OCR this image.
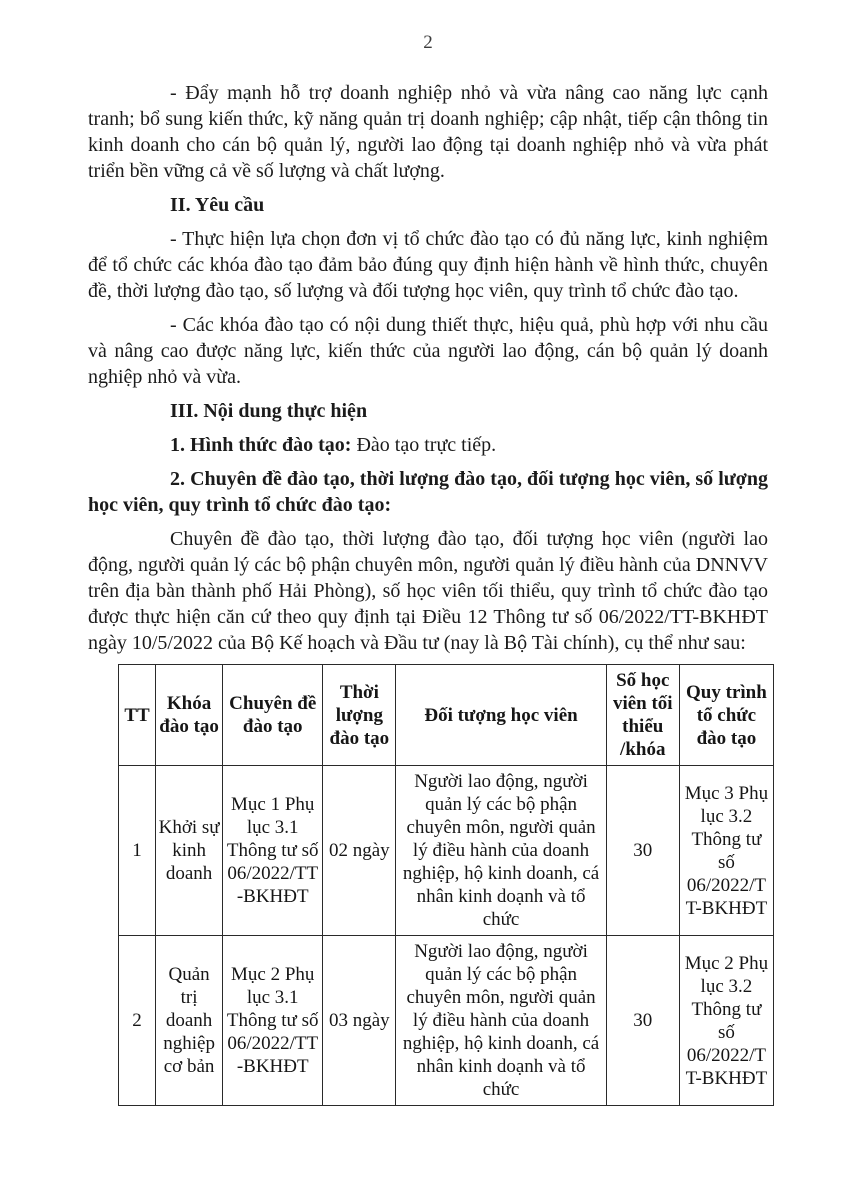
2

- Đẩy mạnh hỗ trợ doanh nghiệp nhỏ và vừa nâng cao năng lực cạnh tranh; bổ sung kiến thức, kỹ năng quản trị doanh nghiệp; cập nhật, tiếp cận thông tin kinh doanh cho cán bộ quản lý, người lao động tại doanh nghiệp nhỏ và vừa phát triển bền vững cả về số lượng và chất lượng.

II. Yêu cầu

- Thực hiện lựa chọn đơn vị tổ chức đào tạo có đủ năng lực, kinh nghiệm để tổ chức các khóa đào tạo đảm bảo đúng quy định hiện hành về hình thức, chuyên đề, thời lượng đào tạo, số lượng và đối tượng học viên, quy trình tổ chức đào tạo.

- Các khóa đào tạo có nội dung thiết thực, hiệu quả, phù hợp với nhu cầu và nâng cao được năng lực, kiến thức của người lao động, cán bộ quản lý doanh nghiệp nhỏ và vừa.

III. Nội dung thực hiện

1. Hình thức đào tạo: Đào tạo trực tiếp.

2. Chuyên đề đào tạo, thời lượng đào tạo, đối tượng học viên, số lượng học viên, quy trình tổ chức đào tạo:

Chuyên đề đào tạo, thời lượng đào tạo, đối tượng học viên (người lao động, người quản lý các bộ phận chuyên môn, người quản lý điều hành của DNNVV trên địa bàn thành phố Hải Phòng), số học viên tối thiểu, quy trình tổ chức đào tạo được thực hiện căn cứ theo quy định tại Điều 12 Thông tư số 06/2022/TT-BKHĐT ngày 10/5/2022 của Bộ Kế hoạch và Đầu tư (nay là Bộ Tài chính), cụ thể như sau:

TT	Khóa đào tạo	Chuyên đề đào tạo	Thời lượng đào tạo	Đối tượng học viên	Số học viên tối thiểu /khóa	Quy trình tổ chức đào tạo
1	Khởi sự kinh doanh	Mục 1 Phụ lục 3.1 Thông tư số 06/2022/TT-BKHĐT	02 ngày	Người lao động, người quản lý các bộ phận chuyên môn, người quản lý điều hành của doanh nghiệp, hộ kinh doanh, cá nhân kinh doạnh và tổ chức	30	Mục 3 Phụ lục 3.2 Thông tư số 06/2022/TT-BKHĐT
2	Quản trị doanh nghiệp cơ bản	Mục 2 Phụ lục 3.1 Thông tư số 06/2022/TT-BKHĐT	03 ngày	Người lao động, người quản lý các bộ phận chuyên môn, người quản lý điều hành của doanh nghiệp, hộ kinh doanh, cá nhân kinh doạnh và tổ chức	30	Mục 2 Phụ lục 3.2 Thông tư số 06/2022/TT-BKHĐT
